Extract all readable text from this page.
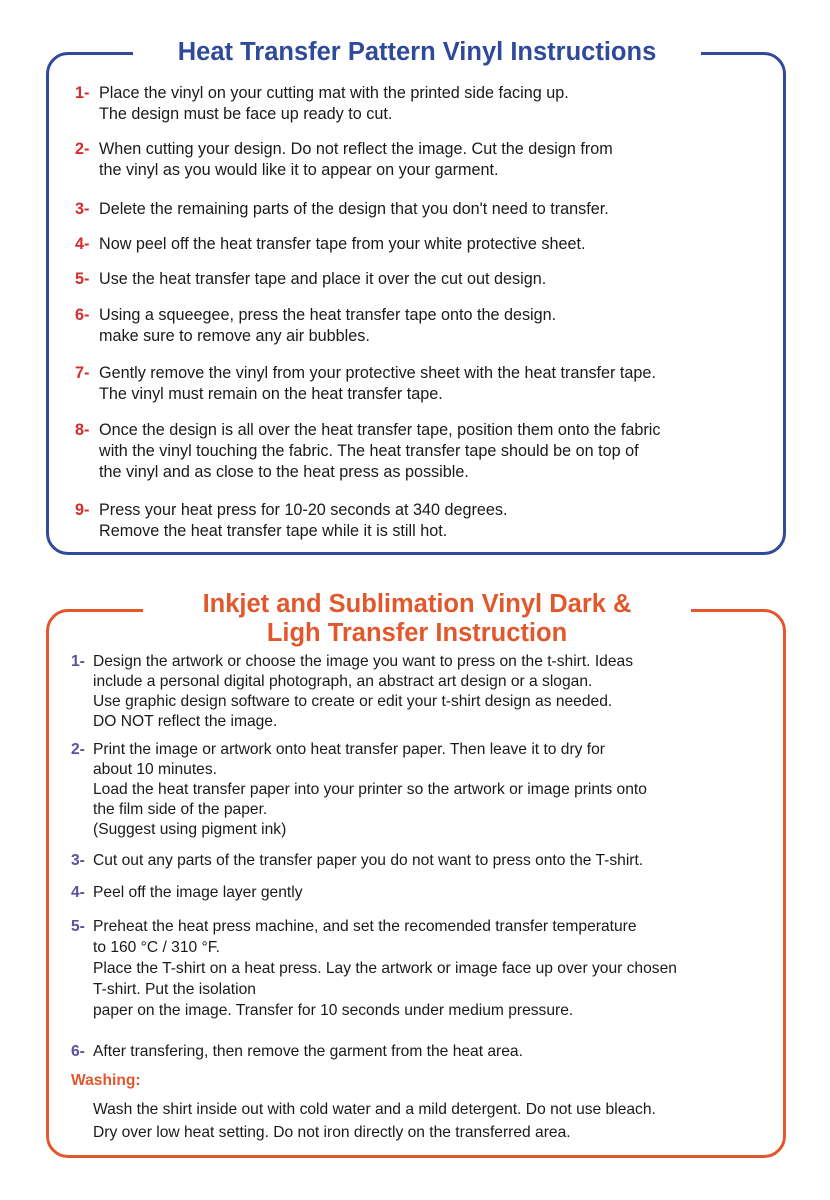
Heat Transfer Pattern Vinyl Instructions
1- Place the vinyl on your cutting mat with the printed side facing up.
The design must be face up ready to cut.
2- When cutting your design. Do not reflect the image. Cut the design from
the vinyl as you would like it to appear on your garment.
3- Delete the remaining parts of the design that you don't need to transfer.
4- Now peel off the heat transfer tape from your white protective sheet.
5- Use the heat transfer tape and place it over the cut out design.
6- Using a squeegee, press the heat transfer tape onto the design.
make sure to remove any air bubbles.
7- Gently remove the vinyl from your protective sheet with the heat transfer tape.
The vinyl must remain on the heat transfer tape.
8- Once the design is all over the heat transfer tape, position them onto the fabric
with the vinyl touching the fabric. The heat transfer tape should be on top of
the vinyl and as close to the heat press as possible.
9- Press your heat press for 10-20 seconds at 340 degrees.
Remove the heat transfer tape while it is still hot.
Inkjet and Sublimation Vinyl Dark &
Ligh Transfer Instruction
1- Design the artwork or choose the image you want to press on the t-shirt. Ideas
include a personal digital photograph, an abstract art design or a slogan.
Use graphic design software to create or edit your t-shirt design as needed.
DO NOT reflect the image.
2- Print the image or artwork onto heat transfer paper. Then leave it to dry for
about 10 minutes.
Load the heat transfer paper into your printer so the artwork or image prints onto
the film side of the paper.
(Suggest using pigment ink)
3- Cut out any parts of the transfer paper you do not want to press onto the T-shirt.
4- Peel off the image layer gently
5- Preheat the heat press machine, and set the recomended transfer temperature
to 160 °C / 310 °F.
Place the T-shirt on a heat press. Lay the artwork or image face up over your chosen
T-shirt. Put the isolation
paper on the image. Transfer for 10 seconds under medium pressure.
6- After transfering, then remove the garment from the heat area.
Washing:
Wash the shirt inside out with cold water and a mild detergent. Do not use bleach.
Dry over low heat setting. Do not iron directly on the transferred area.
